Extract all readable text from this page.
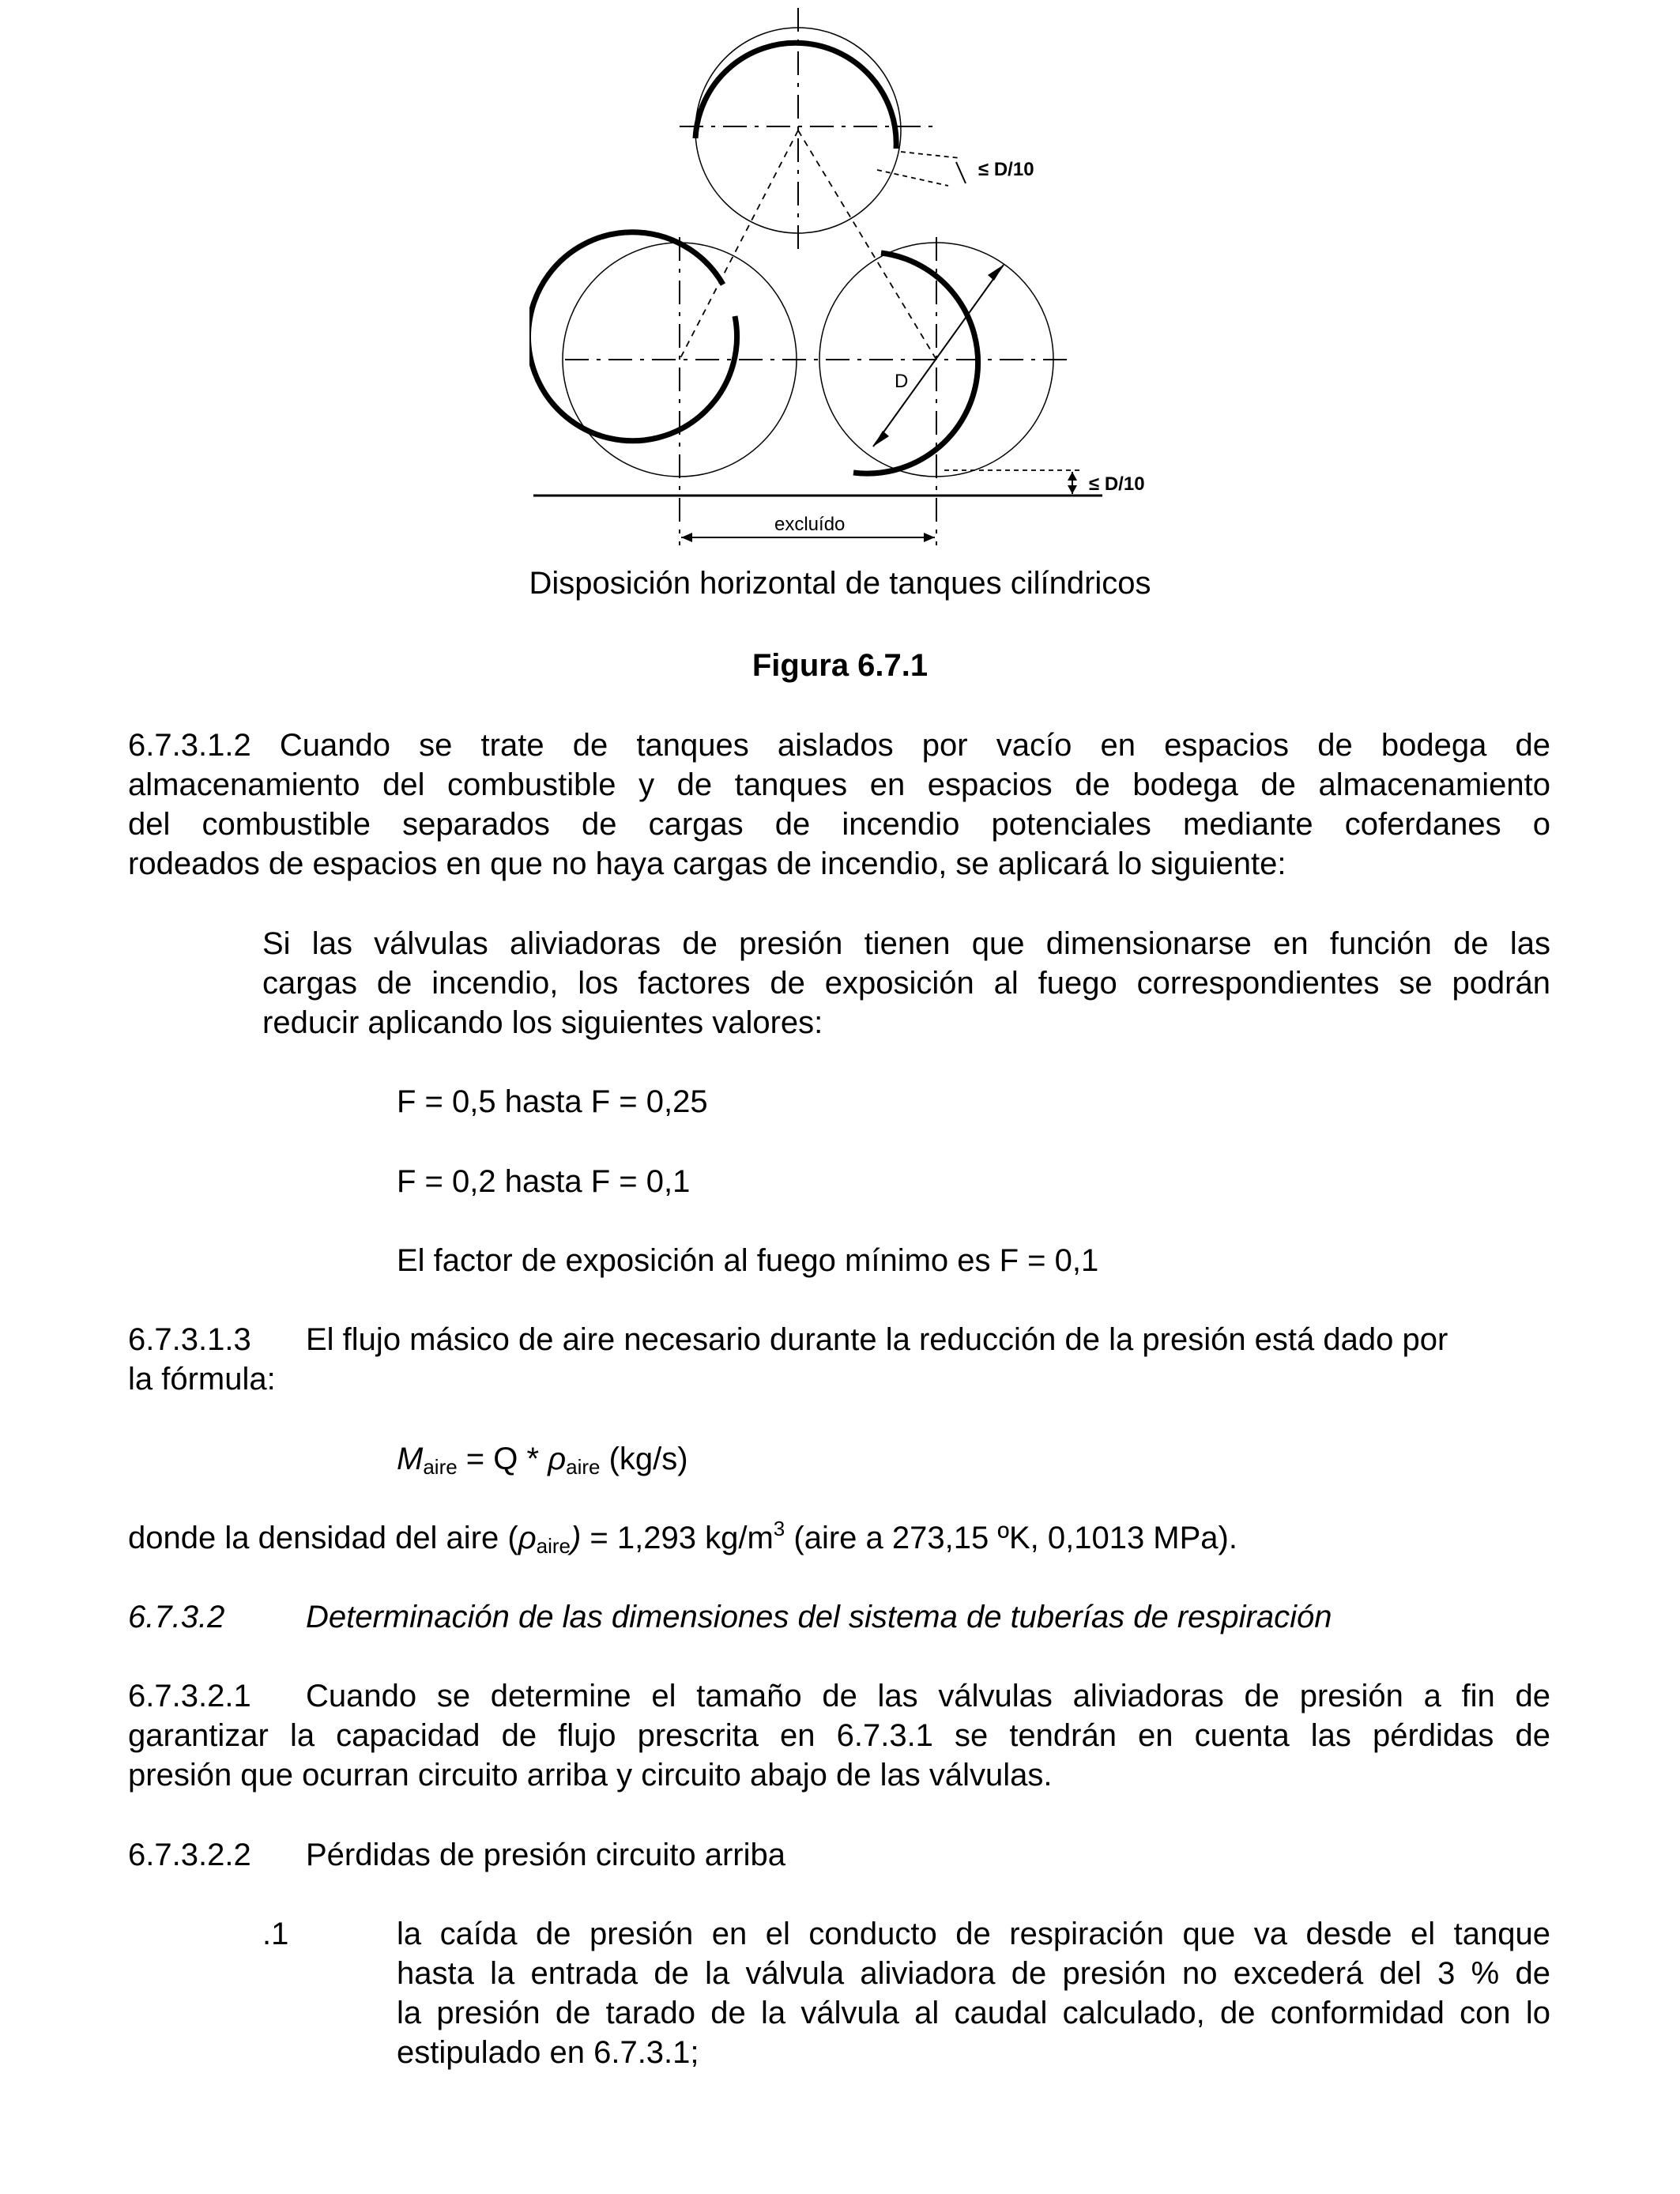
≤ D/10
D
≤ D/10
excluído
Disposición horizontal de tanques cilíndricos
Figura 6.7.1
6.7.3.1.2 Cuando se trate de tanques aislados por vacío en espacios de bodega de
almacenamiento del combustible y de tanques en espacios de bodega de almacenamiento
del combustible separados de cargas de incendio potenciales mediante coferdanes o
rodeados de espacios en que no haya cargas de incendio, se aplicará lo siguiente:
Si las válvulas aliviadoras de presión tienen que dimensionarse en función de las
cargas de incendio, los factores de exposición al fuego correspondientes se podrán
reducir aplicando los siguientes valores:
F = 0,5 hasta F = 0,25
F = 0,2 hasta F = 0,1
El factor de exposición al fuego mínimo es F = 0,1
6.7.3.1.3 El flujo másico de aire necesario durante la reducción de la presión está dado por
la fórmula:
$M_{aire} = Q * \rho_{aire}$ (kg/s)
donde la densidad del aire $(\rho_{aire}) = 1,293$ $kg/m^3$ (aire a 273,15 ºK, 0,1013 MPa).
6.7.3.2	Determinación de las dimensiones del sistema de tuberías de respiración
6.7.3.2.1 Cuando se determine el tamaño de las válvulas aliviadoras de presión a fin de
garantizar la capacidad de flujo prescrita en 6.7.3.1 se tendrán en cuenta las pérdidas de
presión que ocurran circuito arriba y circuito abajo de las válvulas.
6.7.3.2.2 Pérdidas de presión circuito arriba
.1	la caída de presión en el conducto de respiración que va desde el tanque
hasta la entrada de la válvula aliviadora de presión no excederá del 3 % de
la presión de tarado de la válvula al caudal calculado, de conformidad con lo
estipulado en 6.7.3.1;
